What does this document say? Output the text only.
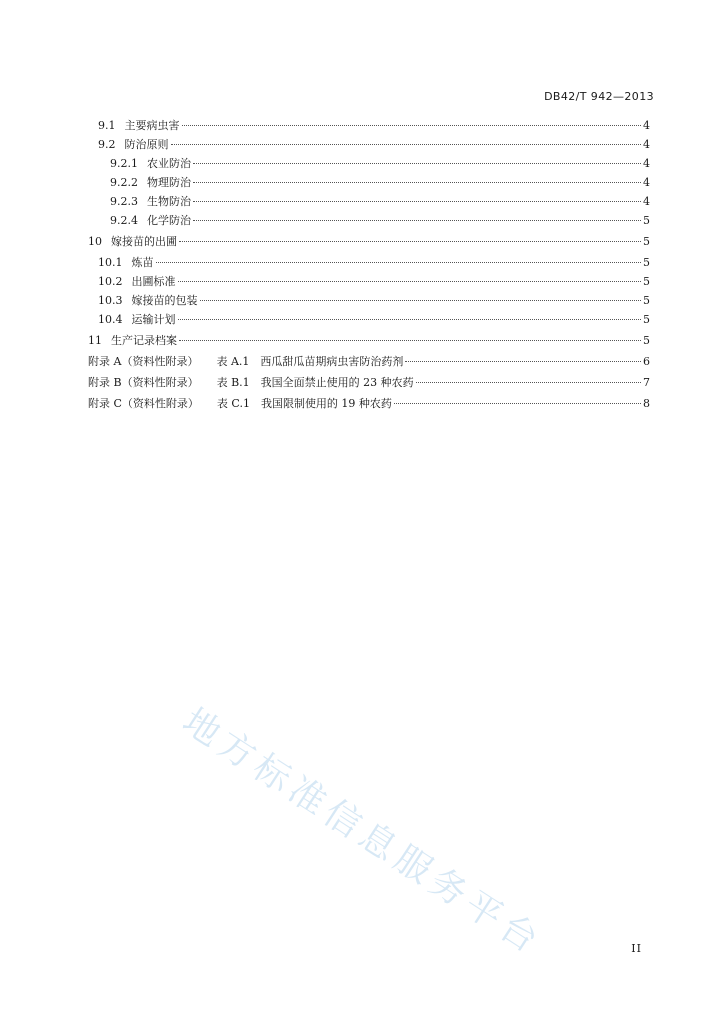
DB42/T 942—2013
9.1 主要病虫害	4
9.2 防治原则	4
9.2.1 农业防治	4
9.2.2 物理防治	4
9.2.3 生物防治	4
9.2.4 化学防治	5
10 嫁接苗的出圃	5
10.1 炼苗	5
10.2 出圃标准	5
10.3 嫁接苗的包装	5
10.4 运输计划	5
11 生产记录档案	5
附录 A（资料性附录） 表 A.1　西瓜甜瓜苗期病虫害防治药剂	6
附录 B（资料性附录） 表 B.1　我国全面禁止使用的 23 种农药	7
附录 C（资料性附录） 表 C.1　我国限制使用的 19 种农药	8
地方标准信息服务平台	II
